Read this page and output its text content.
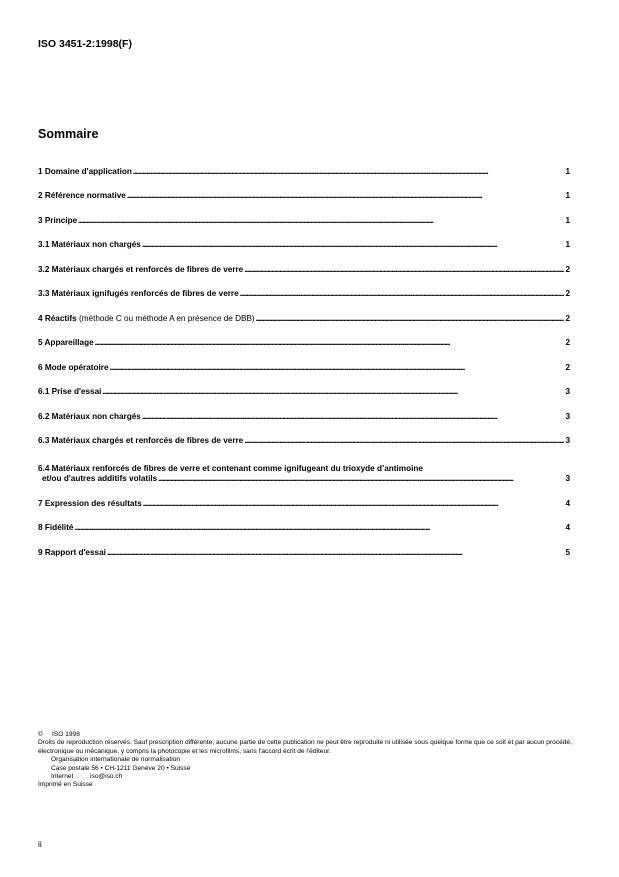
ISO 3451-2:1998(F)
Sommaire
1 Domaine d'application . . .	1
2 Référence normative . . .	1
3 Principe . . .	1
3.1 Matériaux non chargés . . .	1
3.2 Matériaux chargés et renforcés de fibres de verre . . .	2
3.3 Matériaux ignifugés renforcés de fibres de verre . . .	2
4 Réactifs (méthode C ou méthode A en présence de DBB) . . .	2
5 Appareillage . . .	2
6 Mode opératoire . . .	2
6.1 Prise d'essai . . .	3
6.2 Matériaux non chargés . . .	3
6.3 Matériaux chargés et renforcés de fibres de verre . . .	3
6.4 Matériaux renforcés de fibres de verre et contenant comme ignifugeant du trioxyde d’antimoine
et/ou d'autres additifs volatils . . .	3
7 Expression des résultats . . .	4
8 Fidélité . . .	4
9 Rapport d'essai . . .	5
©	ISO 1998
Droits de reproduction réservés. Sauf prescription différente, aucune partie de cette publication ne peut être reproduite ni utilisée sous quelque forme que ce soit et par aucun procédé, électronique ou mécanique, y compris la photocopie et les microfilms, sans l'accord écrit de l'éditeur.
Organisation internationale de normalisation
Case postale 56 • CH-1211 Genève 20 • Suisse
Internet	iso@iso.ch
Imprimé en Suisse
ii
